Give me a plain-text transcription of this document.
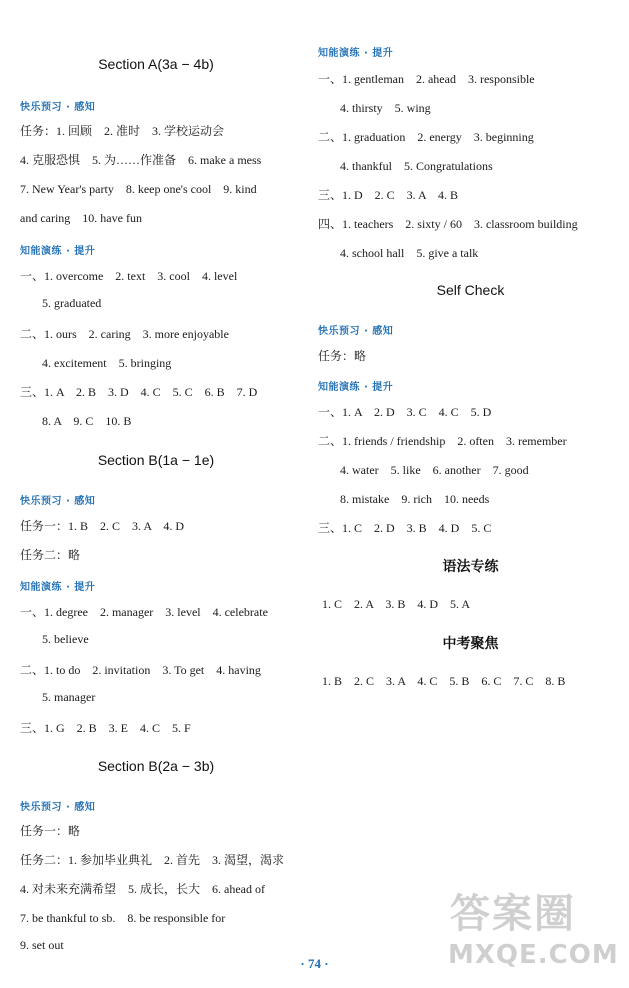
Section A(3a − 4b)
快乐预习 · 感知
任务：1. 回顾　2. 准时　3. 学校运动会
4. 克服恐惧　5. 为……作准备　6. make a mess
7. New Year's party　8. keep one's cool　9. kind
and caring　10. have fun
知能演练 · 提升
一、1. overcome　2. text　3. cool　4. level
5. graduated
二、1. ours　2. caring　3. more enjoyable
4. excitement　5. bringing
三、1. A　2. B　3. D　4. C　5. C　6. B　7. D
8. A　9. C　10. B
Section B(1a − 1e)
快乐预习 · 感知
任务一：1. B　2. C　3. A　4. D
任务二：略
知能演练 · 提升
一、1. degree　2. manager　3. level　4. celebrate
5. believe
二、1. to do　2. invitation　3. To get　4. having
5. manager
三、1. G　2. B　3. E　4. C　5. F
Section B(2a − 3b)
快乐预习 · 感知
任务一：略
任务二：1. 参加毕业典礼　2. 首先　3. 渴望，渴求
4. 对未来充满希望　5. 成长，长大　6. ahead of
7. be thankful to sb.　8. be responsible for
9. set out
知能演练 · 提升
一、1. gentleman　2. ahead　3. responsible
4. thirsty　5. wing
二、1. graduation　2. energy　3. beginning
4. thankful　5. Congratulations
三、1. D　2. C　3. A　4. B
四、1. teachers　2. sixty / 60　3. classroom building
4. school hall　5. give a talk
Self Check
快乐预习 · 感知
任务：略
知能演练 · 提升
一、1. A　2. D　3. C　4. C　5. D
二、1. friends / friendship　2. often　3. remember
4. water　5. like　6. another　7. good
8. mistake　9. rich　10. needs
三、1. C　2. D　3. B　4. D　5. C
语法专练
1. C　2. A　3. B　4. D　5. A
中考聚焦
1. B　2. C　3. A　4. C　5. B　6. C　7. C　8. B
· 74 ·
答案圈
MXQE.COM
